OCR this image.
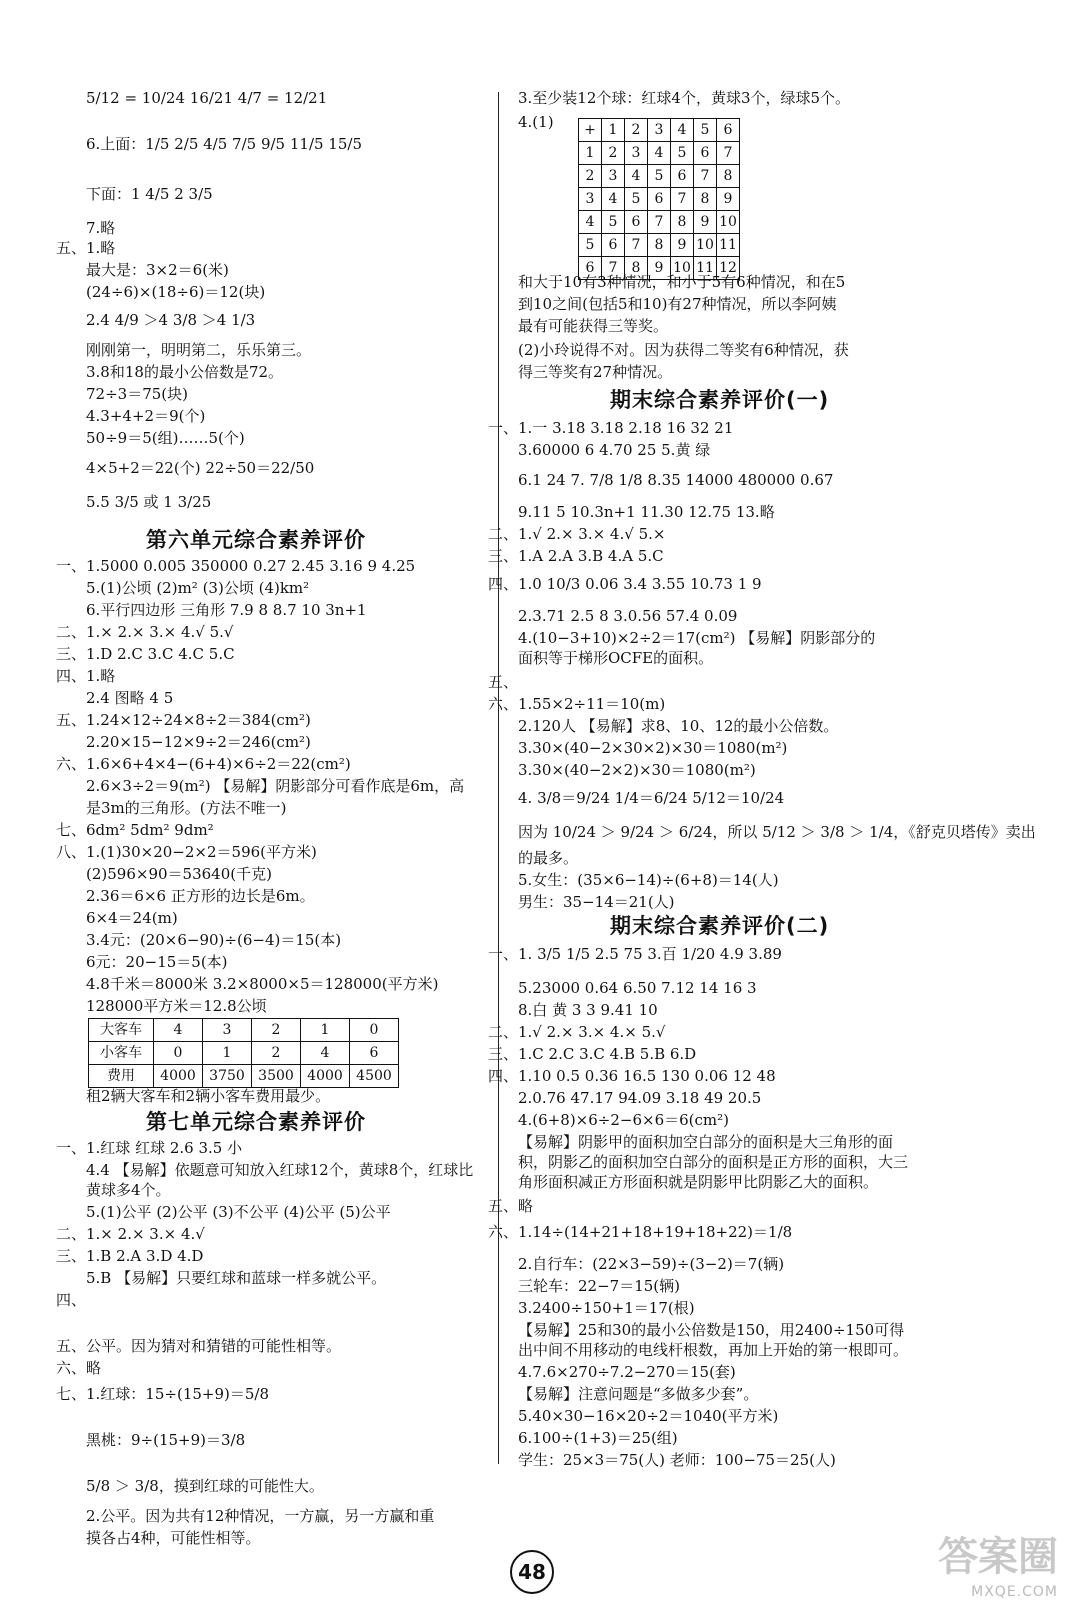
5/12 = 10/24 16/21 4/7 = 12/21
6.上面：1/5 2/5 4/5 7/5 9/5 11/5 15/5
下面：1 4/5 2 3/5
7.略
五、1.略
最大是：3×2＝6(米)
(24÷6)×(18÷6)＝12(块)
2.4 4/9 ＞4 3/8 ＞4 1/3
刚刚第一，明明第二，乐乐第三。
3.8和18的最小公倍数是72。
72÷3＝75(块)
4.3+4+2＝9(个)
50÷9＝5(组)……5(个)
4×5+2＝22(个) 22÷50＝22/50
5.5 3/5 或 1 3/25
第六单元综合素养评价
一、1.5000 0.005 350000 0.27 2.45 3.16 9 4.25
5.(1)公顷 (2)m² (3)公顷 (4)km²
6.平行四边形 三角形 7.9 8 8.7 10 3n+1
二、1.× 2.× 3.× 4.√ 5.√
三、1.D 2.C 3.C 4.C 5.C
四、1.略
2.4 图略 4 5
五、1.24×12÷24×8÷2＝384(cm²)
2.20×15−12×9÷2＝246(cm²)
六、1.6×6+4×4−(6+4)×6÷2＝22(cm²)
2.6×3÷2＝9(m²) 【易解】阴影部分可看作底是6m，高
是3m的三角形。(方法不唯一)
七、6dm² 5dm² 9dm²
八、1.(1)30×20−2×2＝596(平方米)
(2)596×90＝53640(千克)
2.36＝6×6 正方形的边长是6m。
6×4＝24(m)
3.4元：(20×6−90)÷(6−4)＝15(本)
6元：20−15＝5(本)
4.8千米＝8000米 3.2×8000×5＝128000(平方米)
128000平方米＝12.8公顷
大客车	4	3	2	1	0
小客车	0	1	2	4	6
费用	4000	3750	3500	4000	4500
租2辆大客车和2辆小客车费用最少。
第七单元综合素养评价
一、1.红球 红球 2.6 3.5 小
4.4 【易解】依题意可知放入红球12个，黄球8个，红球比
黄球多4个。
5.(1)公平 (2)公平 (3)不公平 (4)公平 (5)公平
二、1.× 2.× 3.× 4.√
三、1.B 2.A 3.D 4.D
5.B 【易解】只要红球和蓝球一样多就公平。
四、
五、公平。因为猜对和猜错的可能性相等。
六、略
七、1.红球：15÷(15+9)＝5/8
黑桃：9÷(15+9)＝3/8
5/8 ＞ 3/8，摸到红球的可能性大。
2.公平。因为共有12种情况，一方赢，另一方赢和重
摸各占4种，可能性相等。
3.至少装12个球：红球4个，黄球3个，绿球5个。
4.(1) +	1	2	3	4	5	6
1	2	3	4	5	6	7
2	3	4	5	6	7	8
3	4	5	6	7	8	9
4	5	6	7	8	9	10
5	6	7	8	9	10	11
6	7	8	9	10	11	12
和大于10有3种情况，和小于5有6种情况，和在5
到10之间(包括5和10)有27种情况，所以李阿姨
最有可能获得三等奖。
(2)小玲说得不对。因为获得二等奖有6种情况，获
得三等奖有27种情况。
期末综合素养评价(一)
一、1.一 3.18 3.18 2.18 16 32 21
3.60000 6 4.70 25 5.黄 绿
6.1 24 7. 7/8 1/8 8.35 14000 480000 0.67
9.11 5 10.3n+1 11.30 12.75 13.略
二、1.√ 2.× 3.× 4.√ 5.×
三、1.A 2.A 3.B 4.A 5.C
四、1.0 10/3 0.06 3.4 3.55 10.73 1 9
2.3.71 2.5 8 3.0.56 57.4 0.09
4.(10−3+10)×2÷2＝17(cm²) 【易解】阴影部分的
面积等于梯形OCFE的面积。
五、
六、1.55×2÷11＝10(m)
2.120人 【易解】求8、10、12的最小公倍数。
3.30×(40−2×30×2)×30＝1080(m²)
3.30×(40−2×2)×30＝1080(m²)
4. 3/8＝9/24 1/4＝6/24 5/12＝10/24
因为 10/24 ＞ 9/24 ＞ 6/24，所以 5/12 ＞ 3/8 ＞ 1/4，《舒克贝塔传》卖出
的最多。
5.女生：(35×6−14)÷(6+8)＝14(人)
男生：35−14＝21(人)
期末综合素养评价(二)
一、1. 3/5 1/5 2.5 75 3.百 1/20 4.9 3.89
5.23000 0.64 6.50 7.12 14 16 3
8.白 黄 3 3 9.41 10
二、1.√ 2.× 3.× 4.× 5.√
三、1.C 2.C 3.C 4.B 5.B 6.D
四、1.10 0.5 0.36 16.5 130 0.06 12 48
2.0.76 47.17 94.09 3.18 49 20.5
4.(6+8)×6÷2−6×6＝6(cm²)
【易解】阴影甲的面积加空白部分的面积是大三角形的面
积，阴影乙的面积加空白部分的面积是正方形的面积，大三
角形面积减正方形面积就是阴影甲比阴影乙大的面积。
五、略
六、1.14÷(14+21+18+19+18+22)＝1/8
2.自行车：(22×3−59)÷(3−2)＝7(辆)
三轮车：22−7＝15(辆)
3.2400÷150+1＝17(根)
【易解】25和30的最小公倍数是150，用2400÷150可得
出中间不用移动的电线杆根数，再加上开始的第一根即可。
4.7.6×270÷7.2−270＝15(套)
【易解】注意问题是“多做多少套”。
5.40×30−16×20÷2＝1040(平方米)
6.100÷(1+3)＝25(组)
学生：25×3＝75(人) 老师：100−75＝25(人)
48	答案圈
MXQE.COM
